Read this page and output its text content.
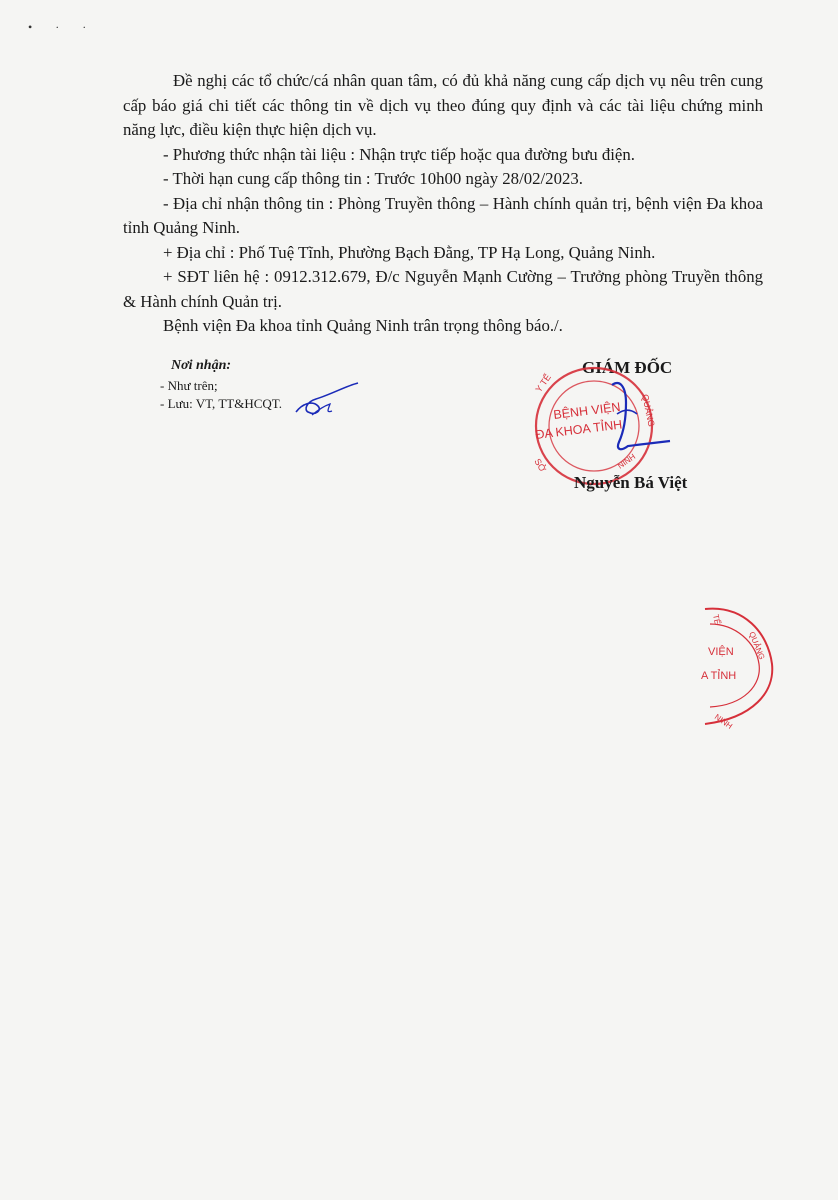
• · ·

Đề nghị các tổ chức/cá nhân quan tâm, có đủ khả năng cung cấp dịch vụ nêu trên cung cấp báo giá chi tiết các thông tin về dịch vụ theo đúng quy định và các tài liệu chứng minh năng lực, điều kiện thực hiện dịch vụ.

- Phương thức nhận tài liệu : Nhận trực tiếp hoặc qua đường bưu điện.

- Thời hạn cung cấp thông tin : Trước 10h00 ngày 28/02/2023.

- Địa chỉ nhận thông tin : Phòng Truyền thông – Hành chính quản trị, bệnh viện Đa khoa tỉnh Quảng Ninh.

+ Địa chỉ : Phố Tuệ Tĩnh, Phường Bạch Đằng, TP Hạ Long, Quảng Ninh.

+ SĐT liên hệ : 0912.312.679, Đ/c Nguyễn Mạnh Cường – Trưởng phòng Truyền thông & Hành chính Quản trị.

Bệnh viện Đa khoa tỉnh Quảng Ninh trân trọng thông báo./.

Nơi nhận:

- Như trên;

- Lưu: VT, TT&HCQT.

GIÁM ĐỐC
Y TẾ
QUẢNG
SỞ	NINH
BỆNH VIỆN
ĐA KHOA TỈNH
Nguyễn Bá Việt
TẾ
QUẢNG
NINH
VIỆN
A TỈNH
